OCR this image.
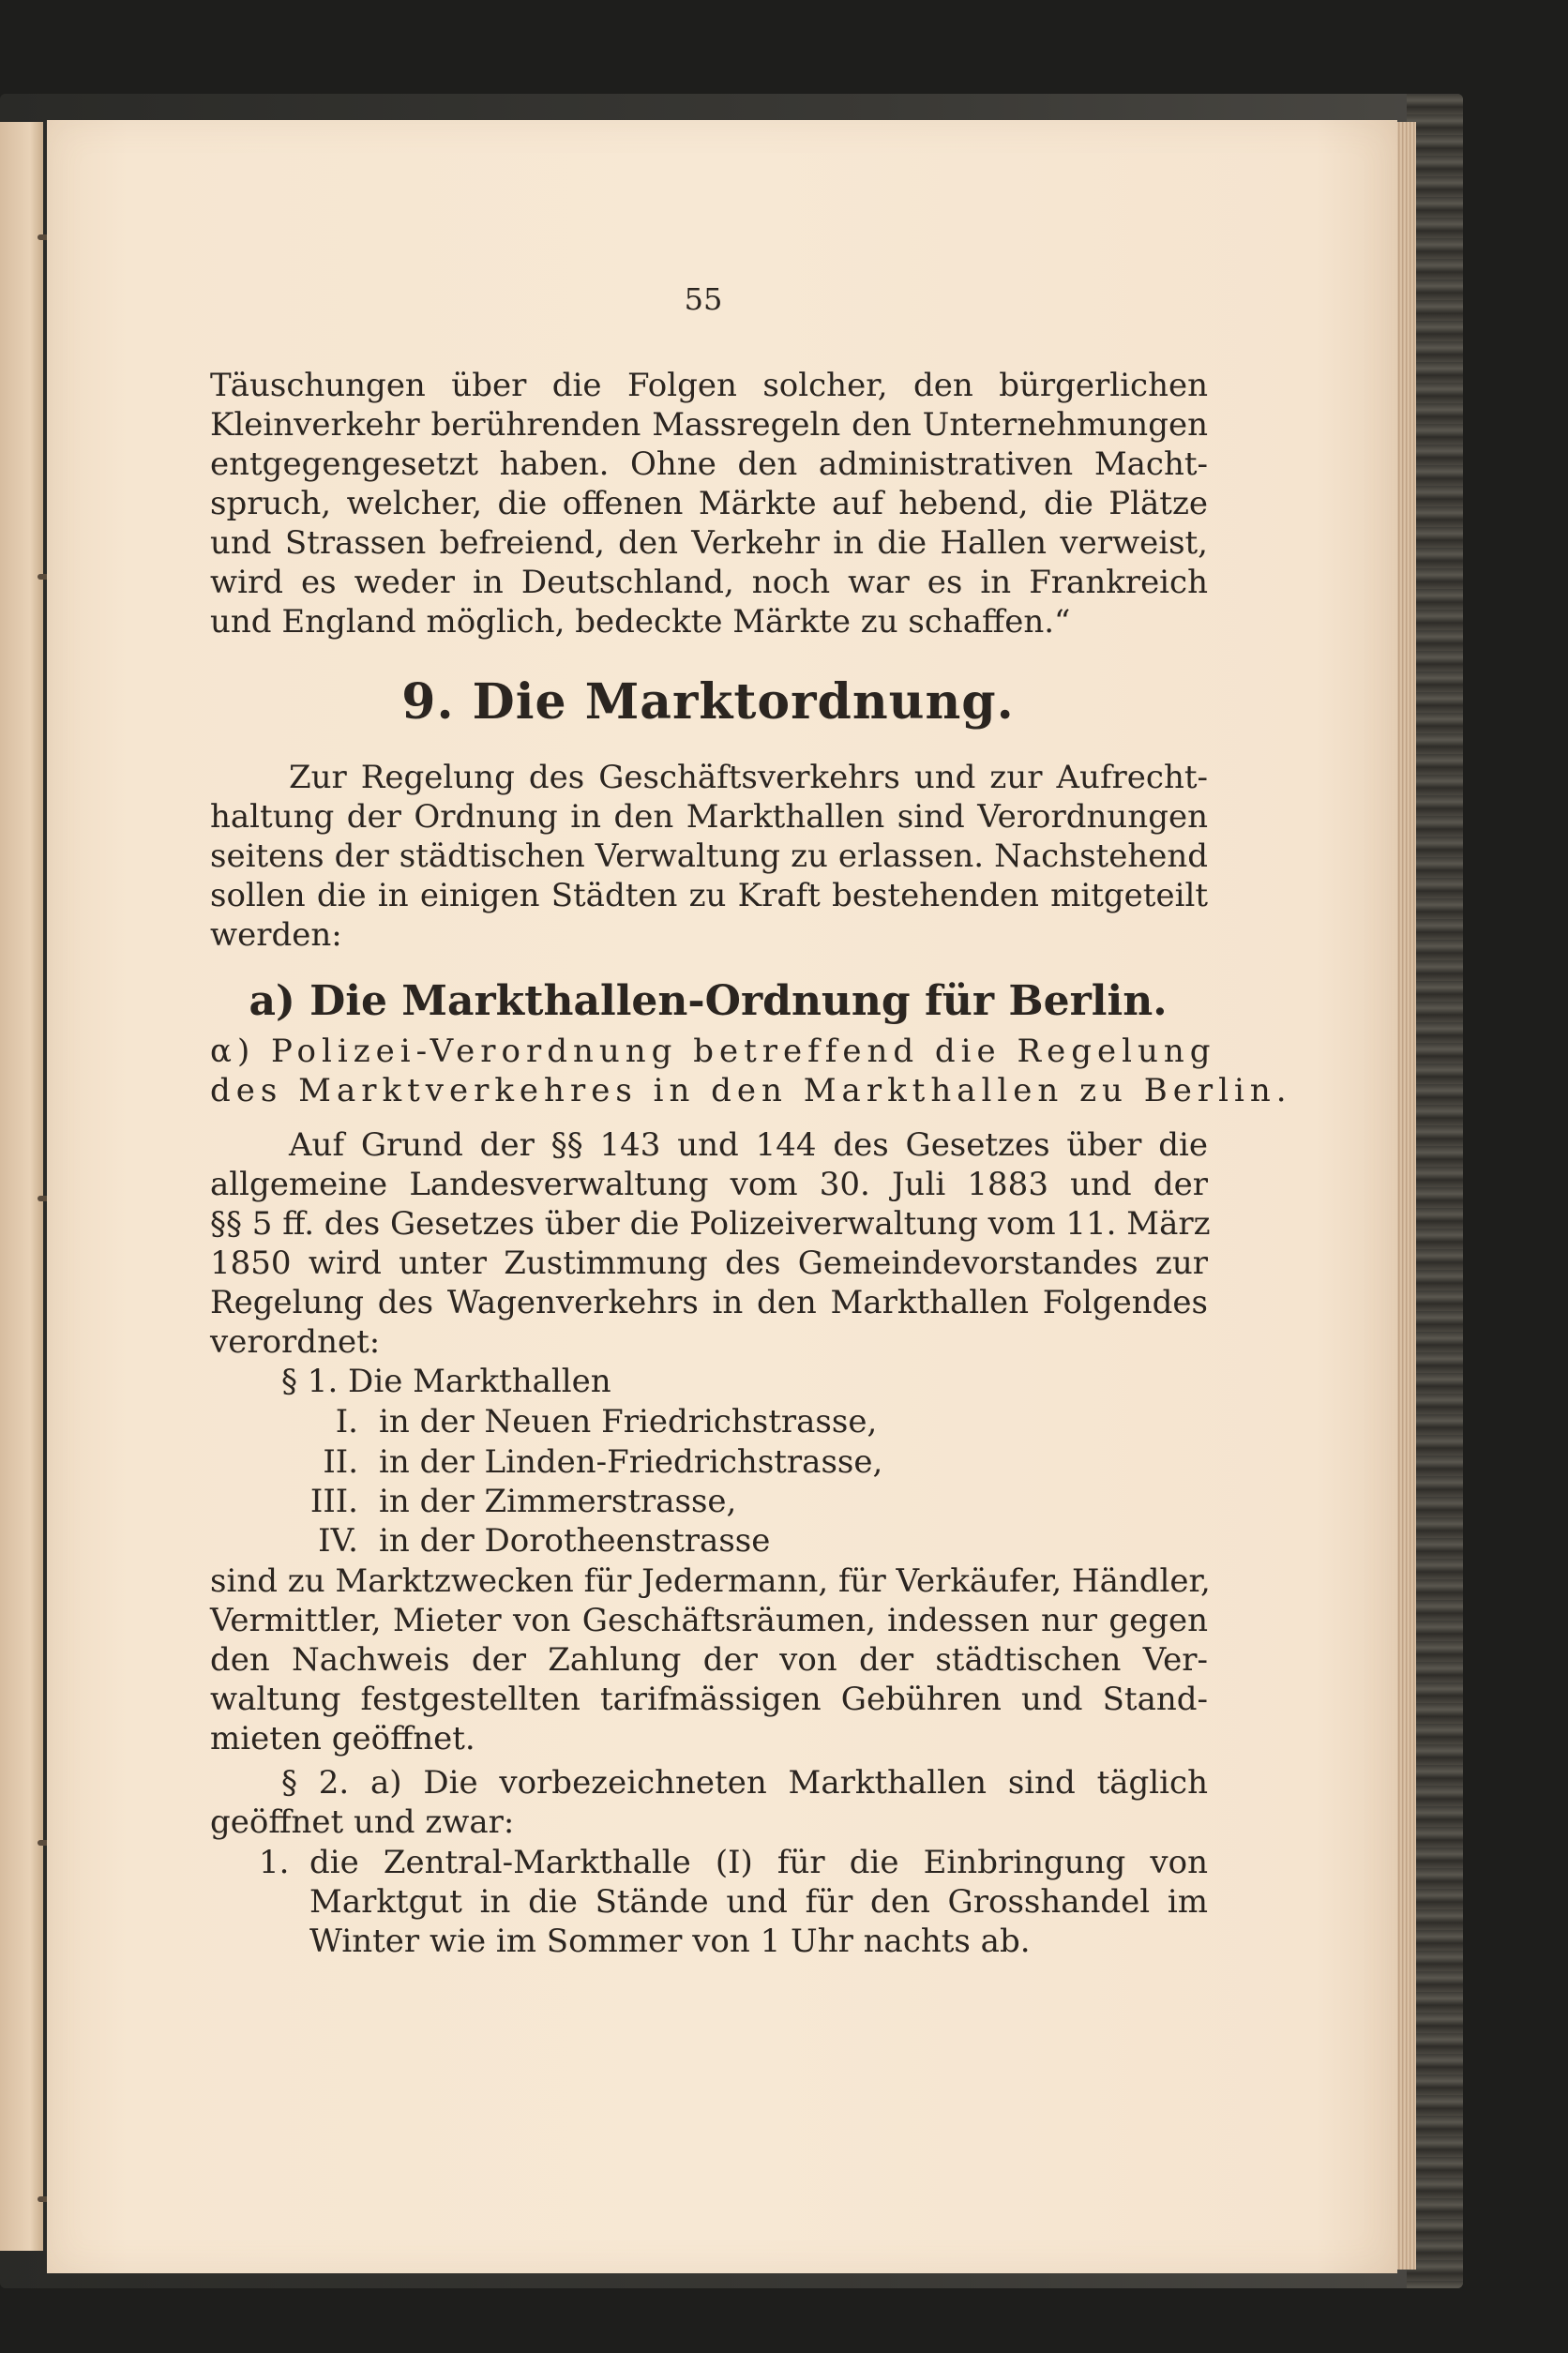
55
Täuschungen über die Folgen solcher, den bürgerlichen
Kleinverkehr berührenden Massregeln den Unternehmungen
entgegengesetzt haben. Ohne den administrativen Macht-
spruch, welcher, die offenen Märkte auf hebend, die Plätze
und Strassen befreiend, den Verkehr in die Hallen verweist,
wird es weder in Deutschland, noch war es in Frankreich
und England möglich, bedeckte Märkte zu schaffen.“
9. Die Marktordnung.
Zur Regelung des Geschäftsverkehrs und zur Aufrecht-
haltung der Ordnung in den Markthallen sind Verordnungen
seitens der städtischen Verwaltung zu erlassen. Nachstehend
sollen die in einigen Städten zu Kraft bestehenden mitgeteilt
werden:
a) Die Markthallen-Ordnung für Berlin.
α) Polizei-Verordnung betreffend die Regelung
des Marktverkehres in den Markthallen zu Berlin.
Auf Grund der §§ 143 und 144 des Gesetzes über die
allgemeine Landesverwaltung vom 30. Juli 1883 und der
§§ 5 ff. des Gesetzes über die Polizeiverwaltung vom 11. März
1850 wird unter Zustimmung des Gemeindevorstandes zur
Regelung des Wagenverkehrs in den Markthallen Folgendes
verordnet:
§ 1. Die Markthallen
I. in der Neuen Friedrichstrasse,
II. in der Linden-Friedrichstrasse,
III. in der Zimmerstrasse,
IV. in der Dorotheenstrasse
sind zu Marktzwecken für Jedermann, für Verkäufer, Händler,
Vermittler, Mieter von Geschäftsräumen, indessen nur gegen
den Nachweis der Zahlung der von der städtischen Ver-
waltung festgestellten tarifmässigen Gebühren und Stand-
mieten geöffnet.
§ 2. a) Die vorbezeichneten Markthallen sind täglich
geöffnet und zwar:
1. die Zentral-Markthalle (I) für die Einbringung von
Marktgut in die Stände und für den Grosshandel im
Winter wie im Sommer von 1 Uhr nachts ab.
